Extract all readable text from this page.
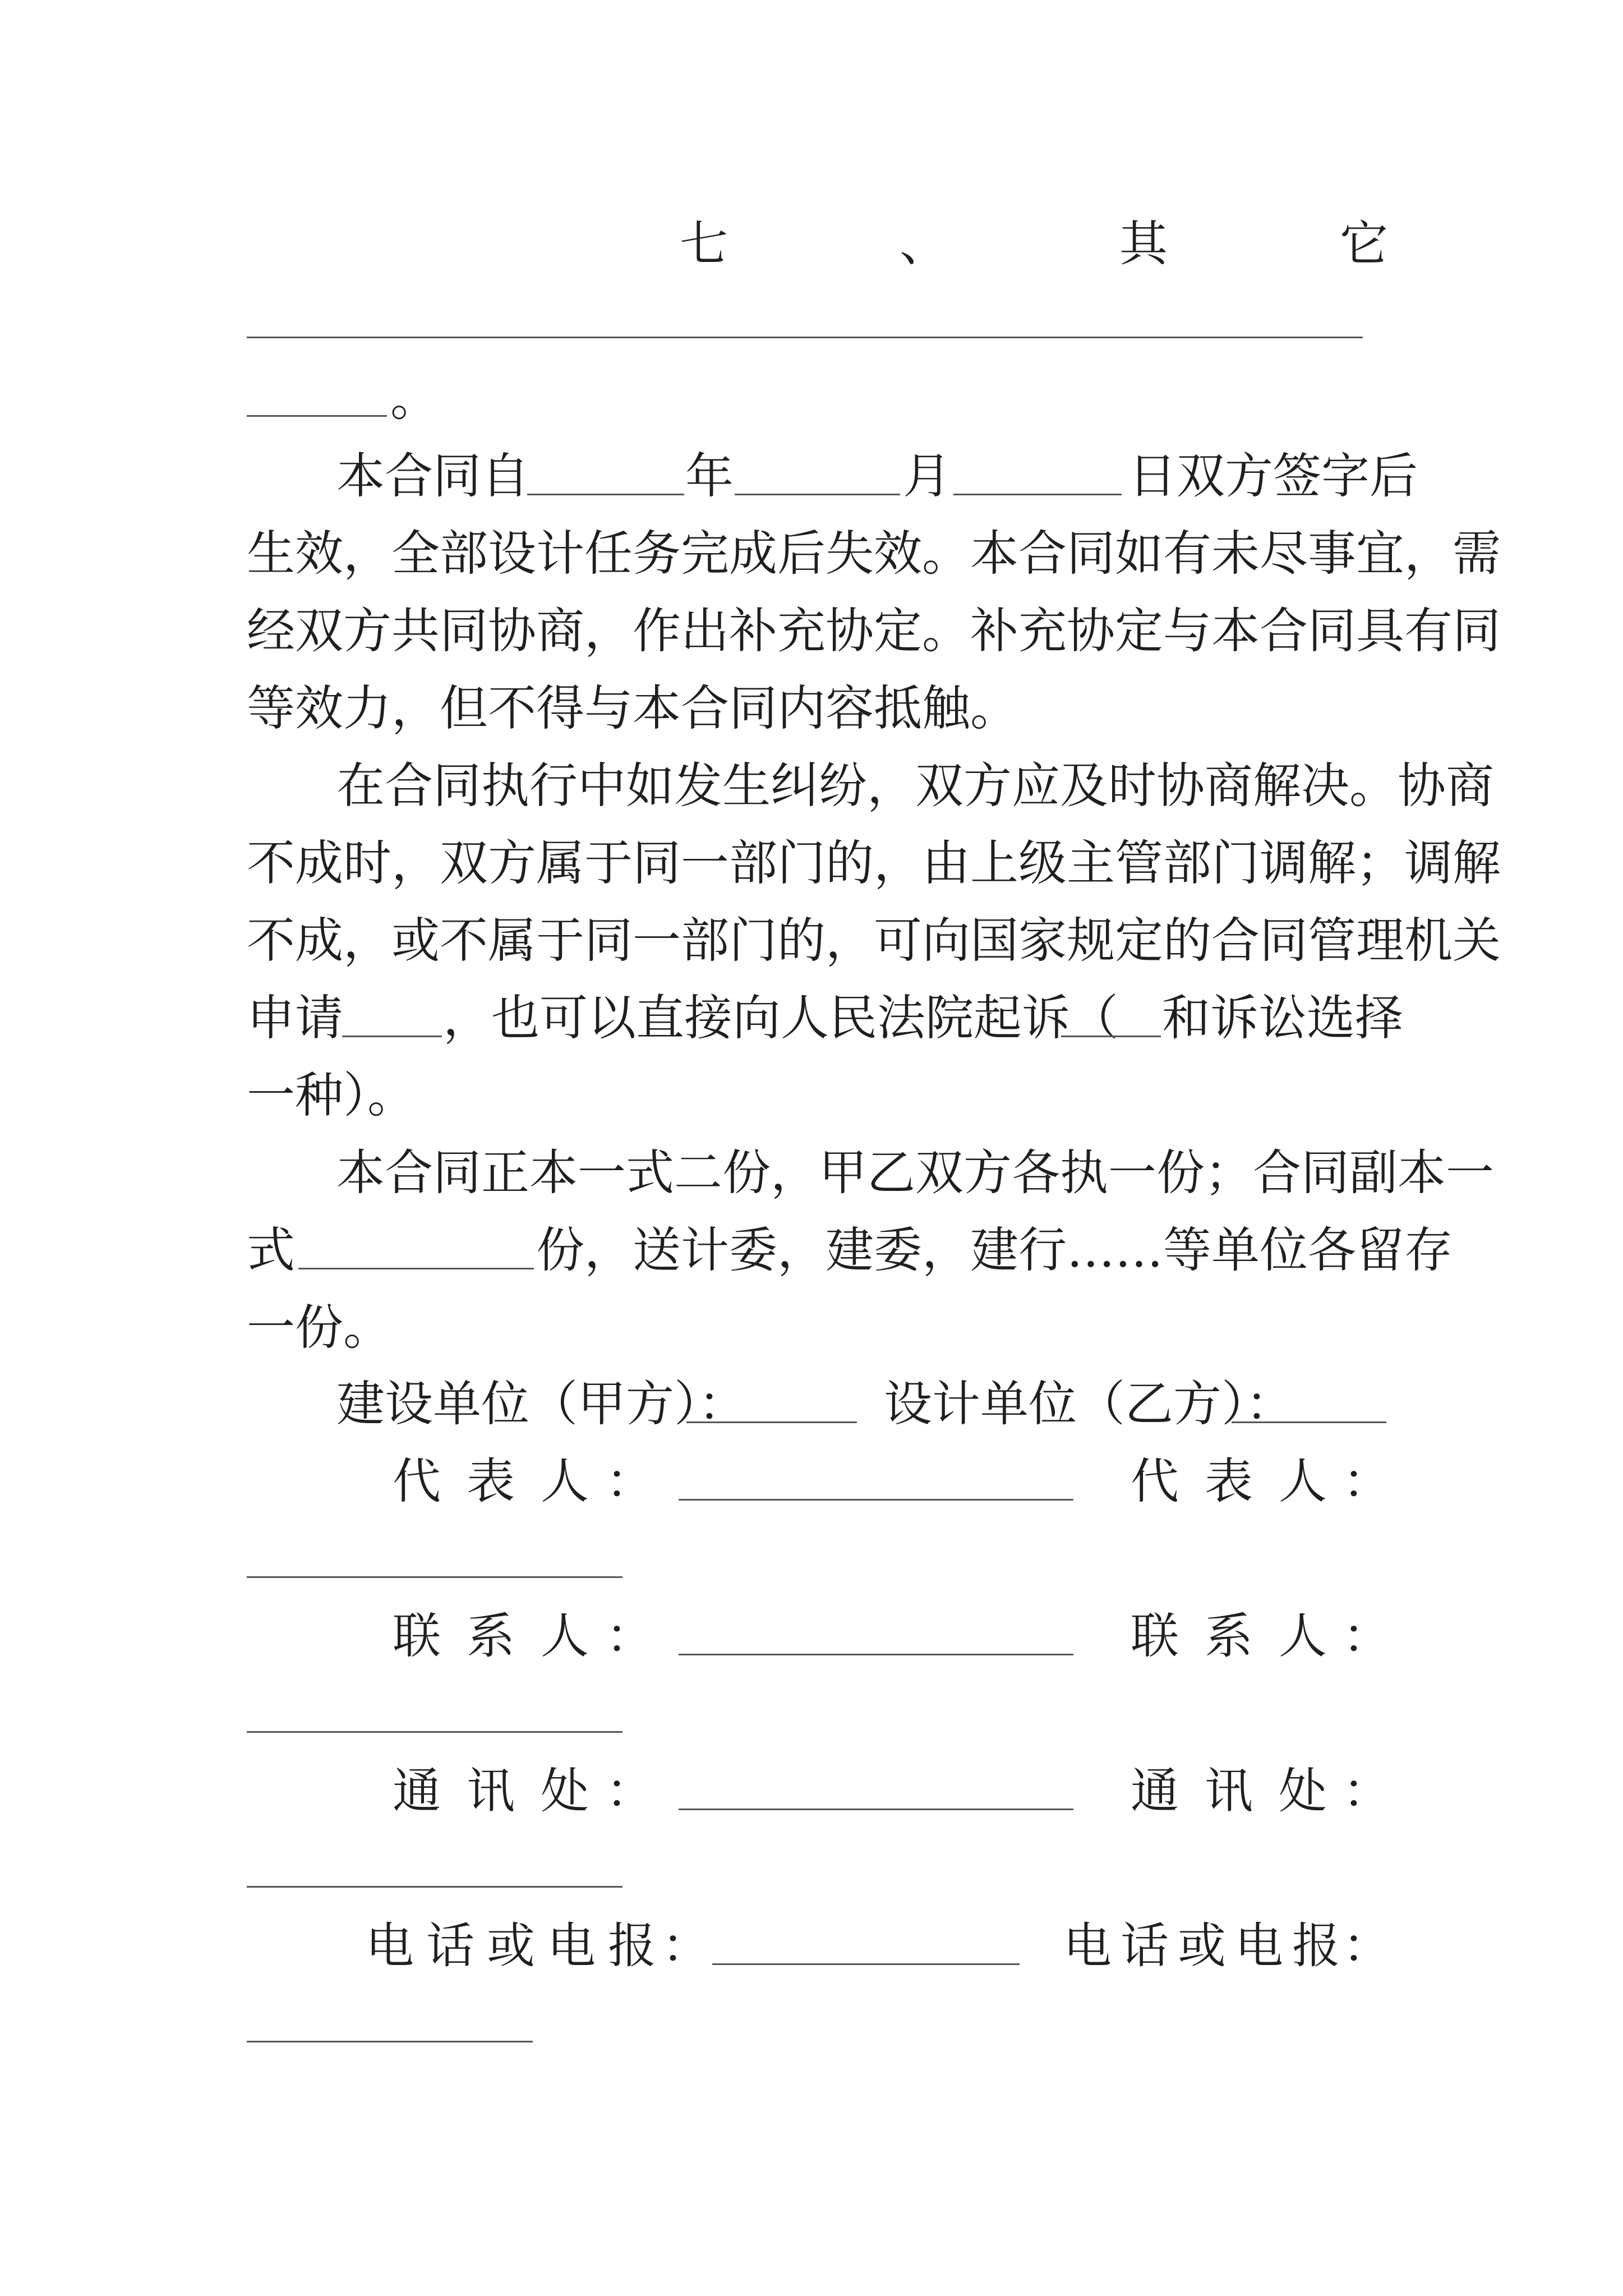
七	、	其	它
。
本合同自	年	月	日双方签字后
生效，全部设计任务完成后失效。本合同如有未尽事宜，需
经双方共同协商，作出补充协定。补充协定与本合同具有同
等效力，但不得与本合同内容抵触。
在合同执行中如发生纠纷，双方应及时协商解决。协商
不成时，双方属于同一部门的，由上级主管部门调解；调解
不成，或不属于同一部门的，可向国家规定的合同管理机关
申请 ，也可以直接向人民法院起诉（ 和诉讼选择
一种）。
本合同正本一式二份，甲乙双方各执一份；合同副本一
式	份，送计委，建委，建行……等单位各留存
一份。
建设单位（甲方）：	设计单位（乙方）：
代 表 人 ：	代 表 人 ：
联 系 人 ：	联 系 人 ：
通 讯 处 ：	通 讯 处 ：
电 话 或 电 报 ：	电 话 或 电 报 ：
